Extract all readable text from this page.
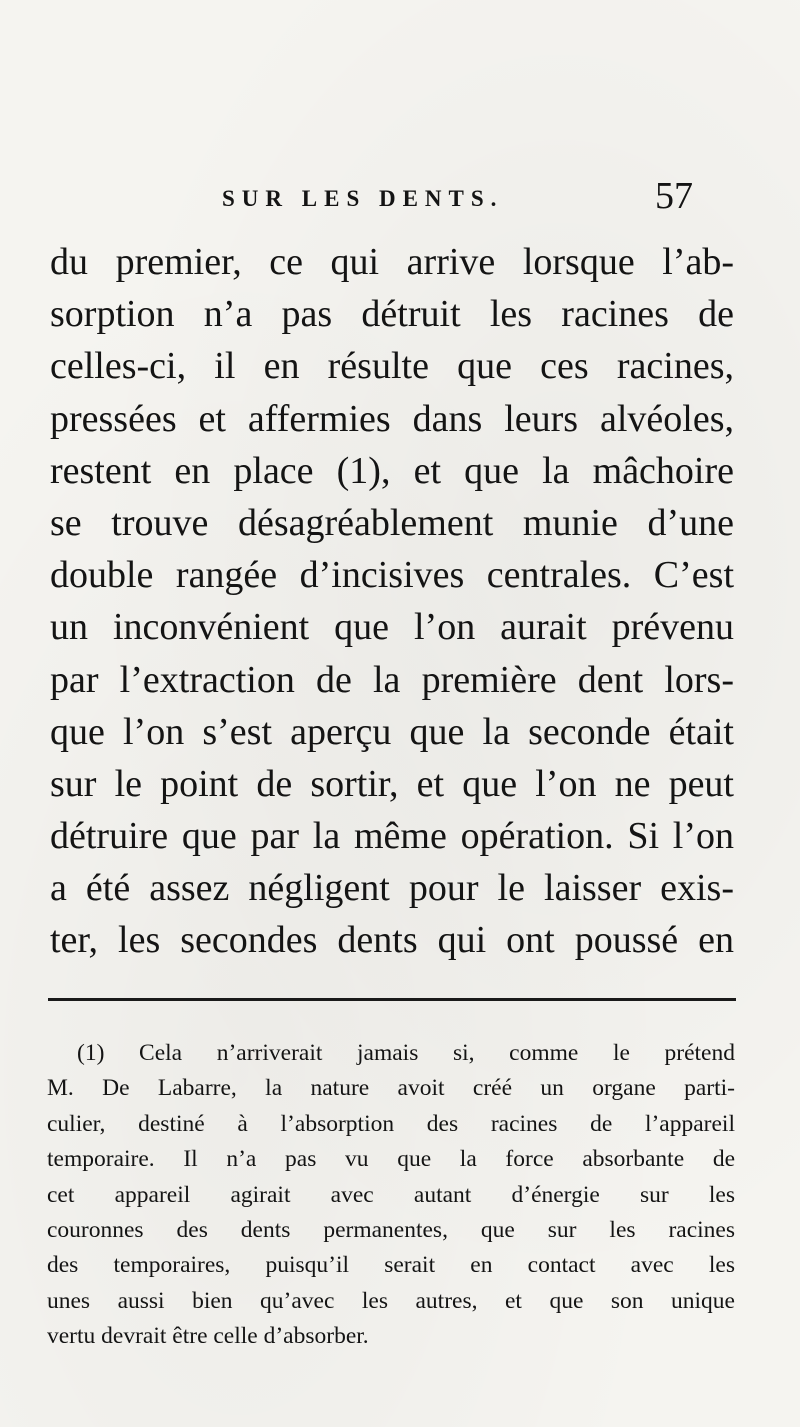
SUR LES DENTS.	57
du premier, ce qui arrive lorsque l’ab-
sorption n’a pas détruit les racines de
celles-ci, il en résulte que ces racines,
pressées et affermies dans leurs alvéoles,
restent en place (1), et que la mâchoire
se trouve désagréablement munie d’une
double rangée d’incisives centrales. C’est
un inconvénient que l’on aurait prévenu
par l’extraction de la première dent lors-
que l’on s’est aperçu que la seconde était
sur le point de sortir, et que l’on ne peut
détruire que par la même opération. Si l’on
a été assez négligent pour le laisser exis-
ter, les secondes dents qui ont poussé en
(1) Cela n’arriverait jamais si, comme le prétend
M. De Labarre, la nature avoit créé un organe parti-
culier, destiné à l’absorption des racines de l’appareil
temporaire. Il n’a pas vu que la force absorbante de
cet appareil agirait avec autant d’énergie sur les
couronnes des dents permanentes, que sur les racines
des temporaires, puisqu’il serait en contact avec les
unes aussi bien qu’avec les autres, et que son unique
vertu devrait être celle d’absorber.
